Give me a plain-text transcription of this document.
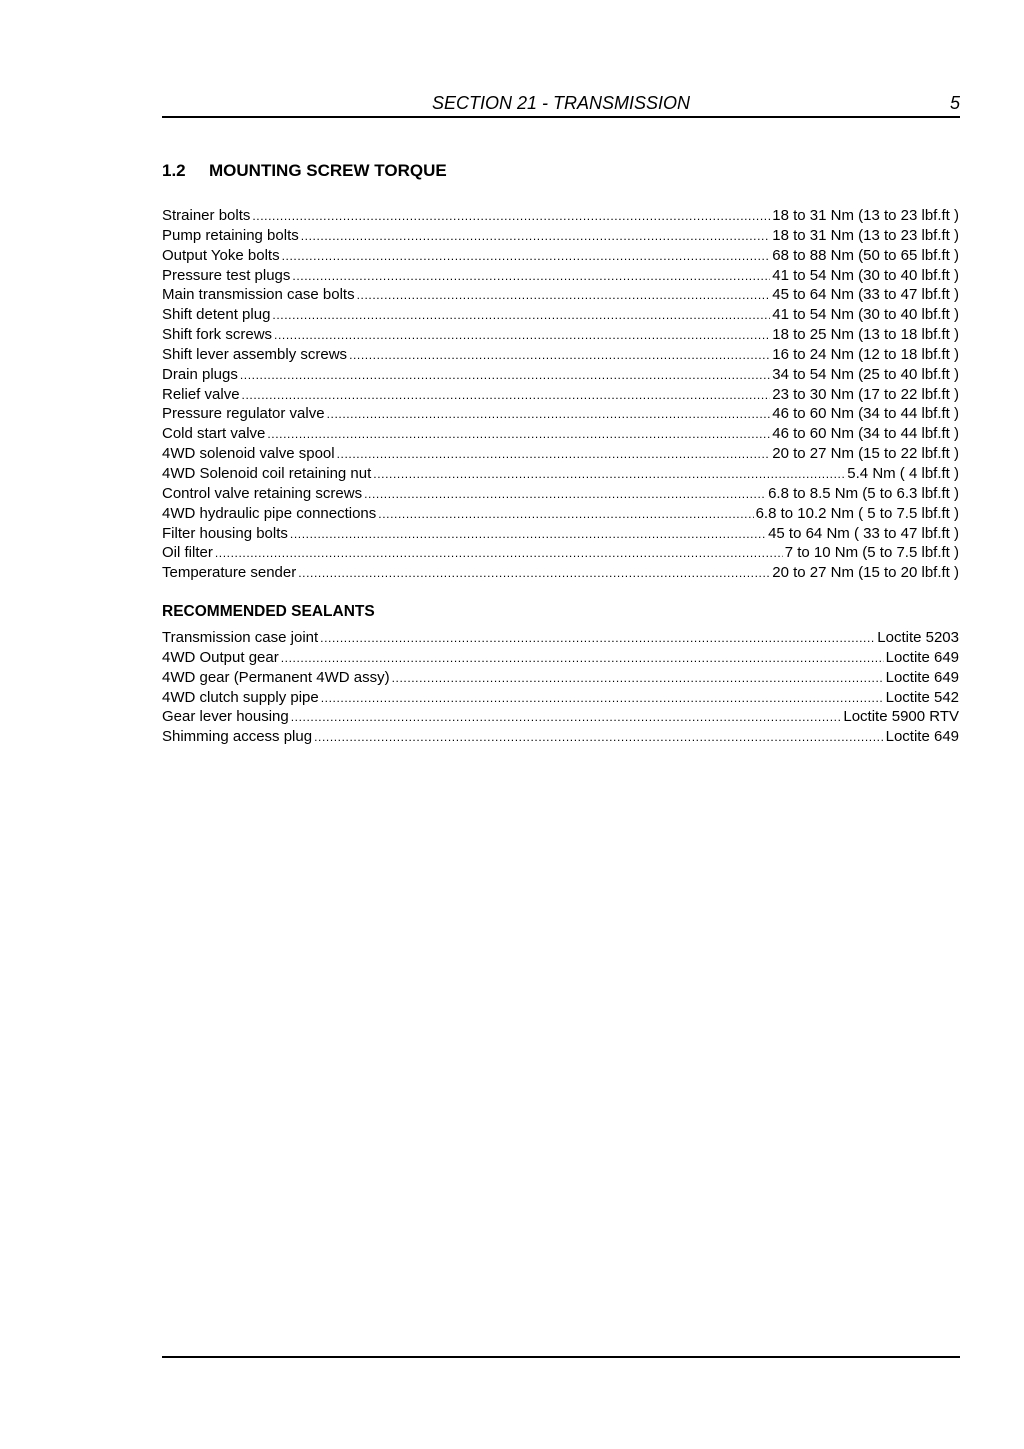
SECTION 21 - TRANSMISSION	5
1.2 MOUNTING SCREW TORQUE
Strainer bolts .....	18 to 31 Nm (13 to 23 lbf.ft )
Pump retaining bolts .....	18 to 31 Nm (13 to 23 lbf.ft )
Output Yoke bolts .....	68 to 88 Nm (50 to 65 lbf.ft )
Pressure test plugs .....	41 to 54 Nm (30 to 40 lbf.ft )
Main transmission case bolts .....	45 to 64 Nm (33 to 47 lbf.ft )
Shift detent plug .....	41 to 54 Nm (30 to 40 lbf.ft )
Shift fork screws .....	18 to 25 Nm (13 to 18 lbf.ft )
Shift lever assembly screws .....	16 to 24 Nm (12 to 18 lbf.ft )
Drain plugs .....	34 to 54 Nm (25 to 40 lbf.ft )
Relief valve .....	23 to 30 Nm (17 to 22 lbf.ft )
Pressure regulator valve .....	46 to 60 Nm (34 to 44 lbf.ft )
Cold start valve .....	46 to 60 Nm (34 to 44 lbf.ft )
4WD solenoid valve spool .....	20 to 27 Nm (15 to 22 lbf.ft )
4WD Solenoid coil retaining nut .....	5.4 Nm ( 4 lbf.ft )
Control valve retaining screws .....	6.8 to 8.5 Nm (5 to 6.3 lbf.ft )
4WD hydraulic pipe connections .....	6.8 to 10.2 Nm ( 5 to 7.5 lbf.ft )
Filter housing bolts .....	45 to 64 Nm ( 33 to 47 lbf.ft )
Oil filter .....	7 to 10 Nm (5 to 7.5 lbf.ft )
Temperature sender .....	20 to 27 Nm (15 to 20 lbf.ft )
RECOMMENDED SEALANTS
Transmission case joint .....	Loctite 5203
4WD Output gear .....	Loctite 649
4WD gear (Permanent 4WD assy) .....	Loctite 649
4WD clutch supply pipe .....	Loctite 542
Gear lever housing .....	Loctite 5900 RTV
Shimming access plug .....	Loctite 649
